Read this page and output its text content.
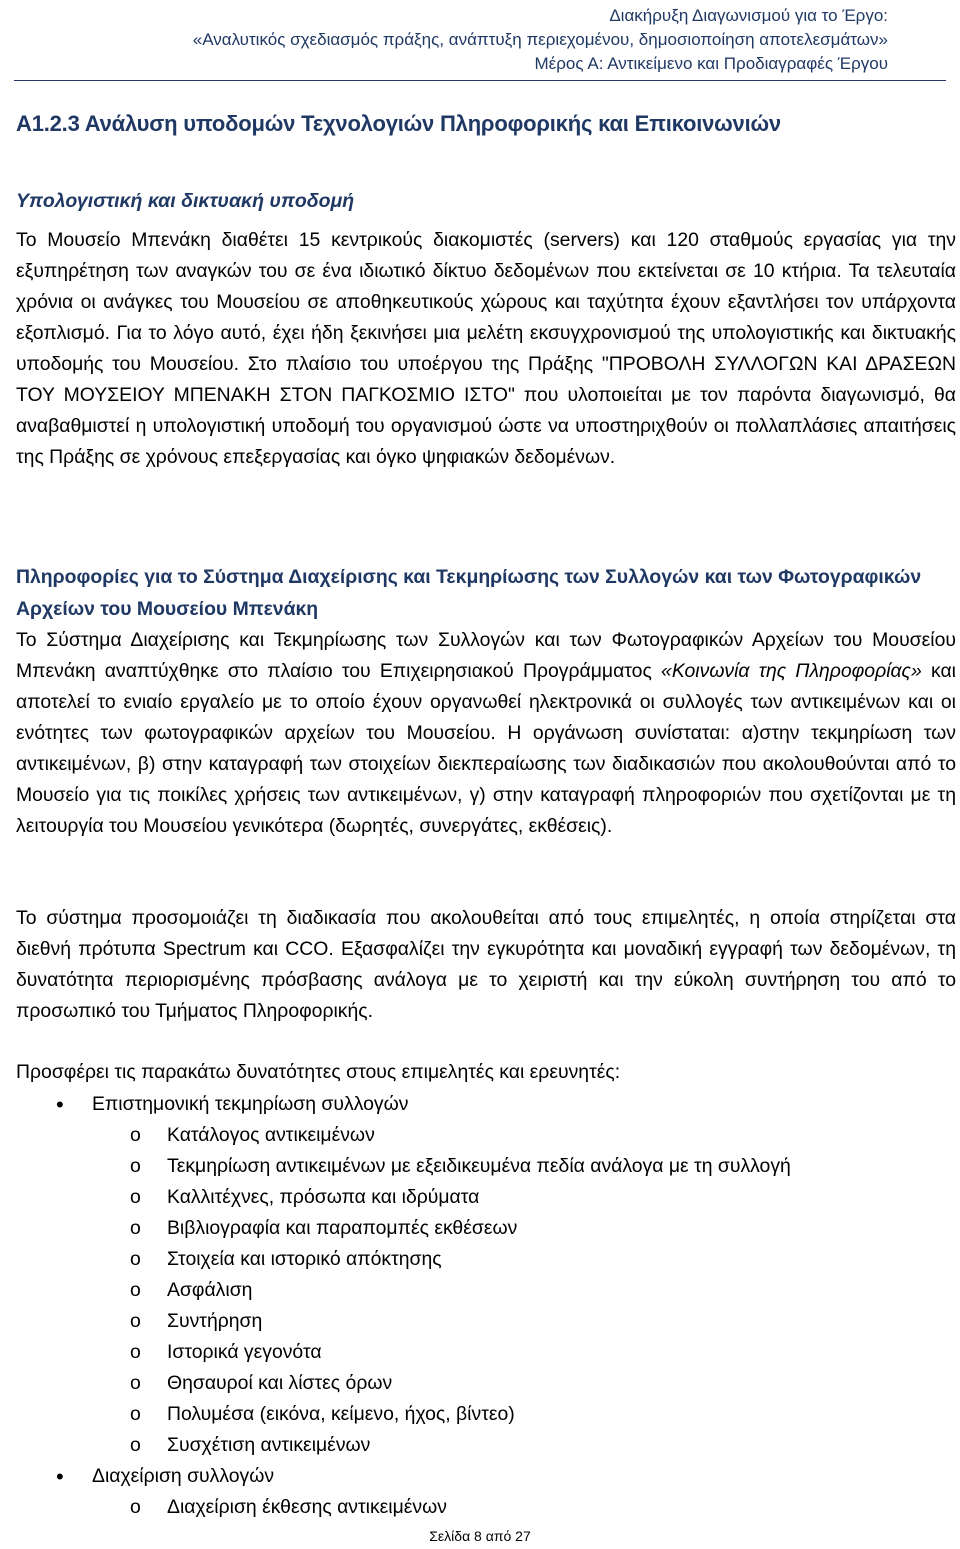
Διακήρυξη Διαγωνισμού για το Έργο:
«Αναλυτικός σχεδιασμός πράξης, ανάπτυξη περιεχομένου, δημοσιοποίηση αποτελεσμάτων»
Μέρος Α: Αντικείμενο και Προδιαγραφές Έργου
Α1.2.3 Ανάλυση υποδομών Τεχνολογιών Πληροφορικής και Επικοινωνιών
Υπολογιστική και δικτυακή υποδομή
Το Μουσείο Μπενάκη διαθέτει 15 κεντρικούς διακομιστές (servers) και 120 σταθμούς εργασίας για την εξυπηρέτηση των αναγκών του σε ένα ιδιωτικό δίκτυο δεδομένων που εκτείνεται σε 10 κτήρια. Τα τελευταία χρόνια οι ανάγκες του Μουσείου σε αποθηκευτικούς χώρους και ταχύτητα έχουν εξαντλήσει τον υπάρχοντα εξοπλισμό. Για το λόγο αυτό, έχει ήδη ξεκινήσει μια μελέτη εκσυγχρονισμού της υπολογιστικής και δικτυακής υποδομής του Μουσείου. Στο πλαίσιο του υποέργου της Πράξης "ΠΡΟΒΟΛΗ ΣΥΛΛΟΓΩΝ ΚΑΙ ΔΡΑΣΕΩΝ ΤΟΥ ΜΟΥΣΕΙΟΥ ΜΠΕΝΑΚΗ ΣΤΟΝ ΠΑΓΚΟΣΜΙΟ ΙΣΤΟ" που υλοποιείται με τον παρόντα διαγωνισμό, θα αναβαθμιστεί η υπολογιστική υποδομή του οργανισμού ώστε να υποστηριχθούν οι πολλαπλάσιες απαιτήσεις της Πράξης σε χρόνους επεξεργασίας και όγκο ψηφιακών δεδομένων.
Πληροφορίες για το Σύστημα Διαχείρισης και Τεκμηρίωσης των Συλλογών και των Φωτογραφικών Αρχείων του Μουσείου Μπενάκη
Το Σύστημα Διαχείρισης και Τεκμηρίωσης των Συλλογών και των Φωτογραφικών Αρχείων του Μουσείου Μπενάκη αναπτύχθηκε στο πλαίσιο του Επιχειρησιακού Προγράμματος «Κοινωνία της Πληροφορίας» και αποτελεί το ενιαίο εργαλείο με το οποίο έχουν οργανωθεί ηλεκτρονικά οι συλλογές των αντικειμένων και οι ενότητες των φωτογραφικών αρχείων του Μουσείου. Η οργάνωση συνίσταται: α)στην τεκμηρίωση των αντικειμένων, β) στην καταγραφή των στοιχείων διεκπεραίωσης των διαδικασιών που ακολουθούνται από το Μουσείο για τις ποικίλες χρήσεις των αντικειμένων, γ) στην καταγραφή πληροφοριών που σχετίζονται με τη λειτουργία του Μουσείου γενικότερα (δωρητές, συνεργάτες, εκθέσεις).
Το σύστημα προσομοιάζει τη διαδικασία που ακολουθείται από τους επιμελητές, η οποία στηρίζεται στα διεθνή πρότυπα Spectrum και CCO. Εξασφαλίζει την εγκυρότητα και μοναδική εγγραφή των δεδομένων, τη δυνατότητα περιορισμένης πρόσβασης ανάλογα με το χειριστή και την εύκολη συντήρηση του από το προσωπικό του Τμήματος Πληροφορικής.
Προσφέρει τις παρακάτω δυνατότητες στους επιμελητές και ερευνητές:
• Επιστημονική τεκμηρίωση συλλογών
o Κατάλογος αντικειμένων
o Τεκμηρίωση αντικειμένων με εξειδικευμένα πεδία ανάλογα με τη συλλογή
o Καλλιτέχνες, πρόσωπα και ιδρύματα
o Βιβλιογραφία και παραπομπές εκθέσεων
o Στοιχεία και ιστορικό απόκτησης
o Ασφάλιση
o Συντήρηση
o Ιστορικά γεγονότα
o Θησαυροί και λίστες όρων
o Πολυμέσα (εικόνα, κείμενο, ήχος, βίντεο)
o Συσχέτιση αντικειμένων
• Διαχείριση συλλογών
o Διαχείριση έκθεσης αντικειμένων
Σελίδα 8 από 27
